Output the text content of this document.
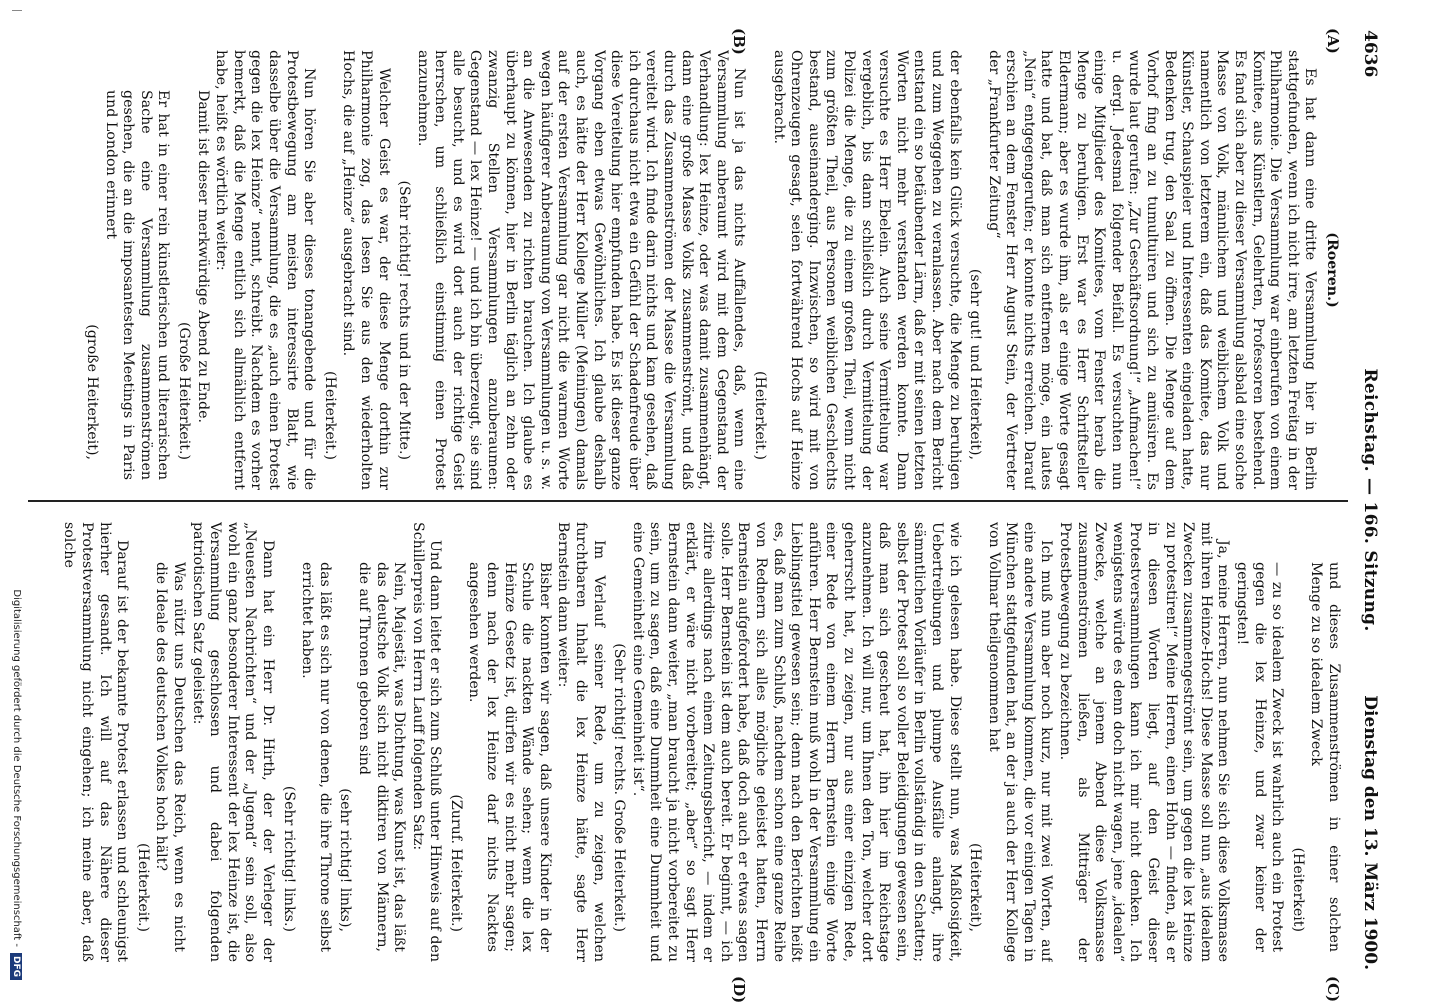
4636
Reichstag. — 166. Sitzung.
Dienstag den 13. März 1900.
(A)
(B)
(C)
(D)

(Roeren.)

Es hat dann eine dritte Versammlung hier in Berlin stattgefunden, wenn ich nicht irre, am letzten Freitag in der Philharmonie. Die Versammlung war einberufen von einem Komitee, aus Künstlern, Gelehrten, Professoren bestehend. Es fand sich aber zu dieser Versammlung alsbald eine solche Masse von Volk, männlichem und weiblichem Volk und namentlich von letzterem ein, daß das Komitee, das nur Künstler, Schauspieler und Interessenten eingeladen hatte, Bedenken trug, den Saal zu öffnen. Die Menge auf dem Vorhof fing an zu tumultuiren und sich zu amüsiren. Es wurde laut gerufen: „Zur Geschäftsordnung!“ „Aufmachen!“ u. dergl. Jedesmal folgender Beifall. Es versuchten nun einige Mitglieder des Komitees, vom Fenster herab die Menge zu beruhigen. Erst war es Herr Schriftsteller Eldermann; aber es wurde ihm, als er einige Worte gesagt hatte und bat, daß man sich entfernen möge, ein lautes „Nein“ entgegengerufen; er konnte nichts erreichen. Darauf erschien an dem Fenster Herr August Stein, der Vertreter der „Frankfurter Zeitung“

(sehr gut! und Heiterkeit),

der ebenfalls kein Glück versuchte, die Menge zu beruhigen und zum Weggehen zu veranlassen. Aber nach dem Bericht entstand ein so betäubender Lärm, daß er mit seinen letzten Worten nicht mehr verstanden werden konnte. Dann versuchte es Herr Ebelein. Auch seine Vermittelung war vergeblich, bis dann schließlich durch Vermittelung der Polizei die Menge, die zu einem großen Theil, wenn nicht zum größten Theil, aus Personen weiblichen Geschlechts bestand, auseinanderging. Inzwischen, so wird mit von Ohrenzeugen gesagt, seien fortwährend Hochs auf Heinze ausgebracht.

(Heiterkeit.)

Nun ist ja das nichts Auffallendes, daß, wenn eine Versammlung anberaumt wird mit dem Gegenstand der Verhandlung: lex Heinze, oder was damit zusammenhängt, dann eine große Masse Volks zusammenströmt, und daß durch das Zusammenströmen der Masse die Versammlung vereitelt wird. Ich finde darin nichts und kam gesehen, daß ich durchaus nicht etwa ein Gefühl der Schadenfreude über diese Vereitelung hier empfunden habe. Es ist dieser ganze Vorgang eben etwas Gewöhnliches. Ich glaube deshalb auch, es hätte der Herr Kollege Müller (Meiningen) damals auf der ersten Versammlung gar nicht die warmen Worte wegen häufigerer Anberaumung von Versammlungen u. s. w. an die Anwesenden zu richten brauchen. Ich glaube es überhaupt zu können, hier in Berlin täglich an zehn oder zwanzig Stellen Versammlungen anzuberaumen: Gegenstand — lex Heinze! — und ich bin überzeugt, sie sind alle besucht, und es wird dort auch der richtige Geist herrschen, um schließlich einstimmig einen Protest anzunehmen.

(Sehr richtig! rechts und in der Mitte.)

Welcher Geist es war, der diese Menge dorthin zur Philharmonie zog, das lesen Sie aus den wiederholten Hochs, die auf „Heinze“ ausgebracht sind.

(Heiterkeit.)

Nun hören Sie aber dieses tonangebende und für die Protestbewegung am meisten interessirte Blatt, wie dasselbe über die Versammlung, die es „auch einen Protest gegen die lex Heinze“ nennt, schreibt. Nachdem es vorher bemerkt, daß die Menge entlich sich allmählich entfernt habe, heißt es wörtlich weiter:

Damit ist dieser merkwürdige Abend zu Ende.

(Große Heiterkeit.)

Er hat in einer rein künstlerischen und literarischen Sache eine Versammlung zusammenströmen gesehen, die an die imposantesten Meetings in Paris und London erinnert

(große Heiterkeit),

und dieses Zusammenströmen in einer solchen Menge zu so idealem Zweck

(Heiterkeit)

— zu so idealem Zweck ist wahrlich auch ein Protest gegen die lex Heinze, und zwar keiner der geringsten!

Ja, meine Herren, nun nehmen Sie sich diese Volksmasse mit ihren Heinze-Hochs! Diese Masse soll nun „aus idealem Zwecken zusammengeströmt sein, um gegen die lex Heinze zu protestiren!“ Meine Herren, einen Hohn — finden, als er in diesen Worten liegt, auf den Geist dieser Protestversammlungen kann ich mir nicht denken. Ich wenigstens würde es denn doch nicht wagen, jene „idealen“ Zwecke, welche an jenem Abend diese Volksmasse zusammenströmen ließen, als Mitträger der Protestbewegung zu bezeichnen.

Ich muß nun aber noch kurz, nur mit zwei Worten, auf eine andere Versammlung kommen, die vor einigen Tagen in München stattgefunden hat, an der ja auch der Herr Kollege von Vollmar theilgenommen hat

(Heiterkeit),

wie ich gelesen habe. Diese stellt nun, was Maßlosigkeit, Uebertreibungen und plumpe Ausfälle anlangt, ihre sämmtlichen Vorläufer in Berlin vollständig in den Schatten; selbst der Protest soll so voller Beleidigungen gewesen sein, daß man sich gescheut hat, ihn hier im Reichstage anzunehmen. Ich will nur, um Ihnen den Ton, welcher dort geherrscht hat, zu zeigen, nur aus einer einzigen Rede, einer Rede von einem Herrn Bernstein einige Worte anführen. Herr Bernstein muß wohl in der Versammlung ein Lieblingstitel gewesen sein; denn nach den Berichten heißt es, daß man zum Schluß, nachdem schon eine ganze Reihe von Rednern sich alles mögliche geleistet hatten, Herrn Bernstein aufgefordert habe, daß doch auch er etwas sagen solle. Herr Bernstein ist dem auch bereit. Er beginnt, — ich zitire allerdings nach einem Zeitungsbericht, — indem er erklärt, er wäre nicht vorbereitet; „aber“ so sagt Herr Bernstein dann weiter, „man braucht ja nicht vorbereitet zu sein, um zu sagen, daß eine Dummheit eine Dummheit und eine Gemeinheit eine Gemeinheit ist“.

(Sehr richtig! rechts. Große Heiterkeit.)

Im Verlauf seiner Rede, um zu zeigen, welchen furchtbaren Inhalt die lex Heinze hätte, sagte Herr Bernstein dann weiter:

Bisher konnten wir sagen, daß unsere Kinder in der Schule die nackten Wände sehen; wenn die lex Heinze Gesetz ist, dürfen wir es nicht mehr sagen; denn nach der lex Heinze darf nichts Nacktes angesehen werden.

(Zuruf. Heiterkeit.)

Und dann leitet er sich zum Schluß unter Hinweis auf den Schillerpreis von Herrn Lauff folgenden Satz:

Nein, Majestät, was Dichtung, was Kunst ist, das läßt das deutsche Volk sich nicht diktiren von Männern, die auf Thronen geboren sind

(sehr richtig! links),

das läßt es sich nur von denen, die ihre Throne selbst errichtet haben.

(Sehr richtig! links.)

Dann hat ein Herr Dr. Hirth, der der Verleger der „Neuesten Nachrichten“ und der „Jugend“ sein soll, also wohl ein ganz besonderer Interessent der lex Heinze ist, die Versammlung geschlossen und dabei folgenden patriotischen Satz geleistet:

Was nützt uns Deutschen das Reich, wenn es nicht die Ideale des deutschen Volkes hoch hält?

(Heiterkeit.)

Darauf ist der bekannte Protest erlassen und schleunigst hierher gesandt. Ich will auf das Nähere dieser Protestversammlung nicht eingehen; ich meine aber, daß solche

Digitalisierung gefördert durch die Deutsche Forschungsgemeinschaft -DFG
